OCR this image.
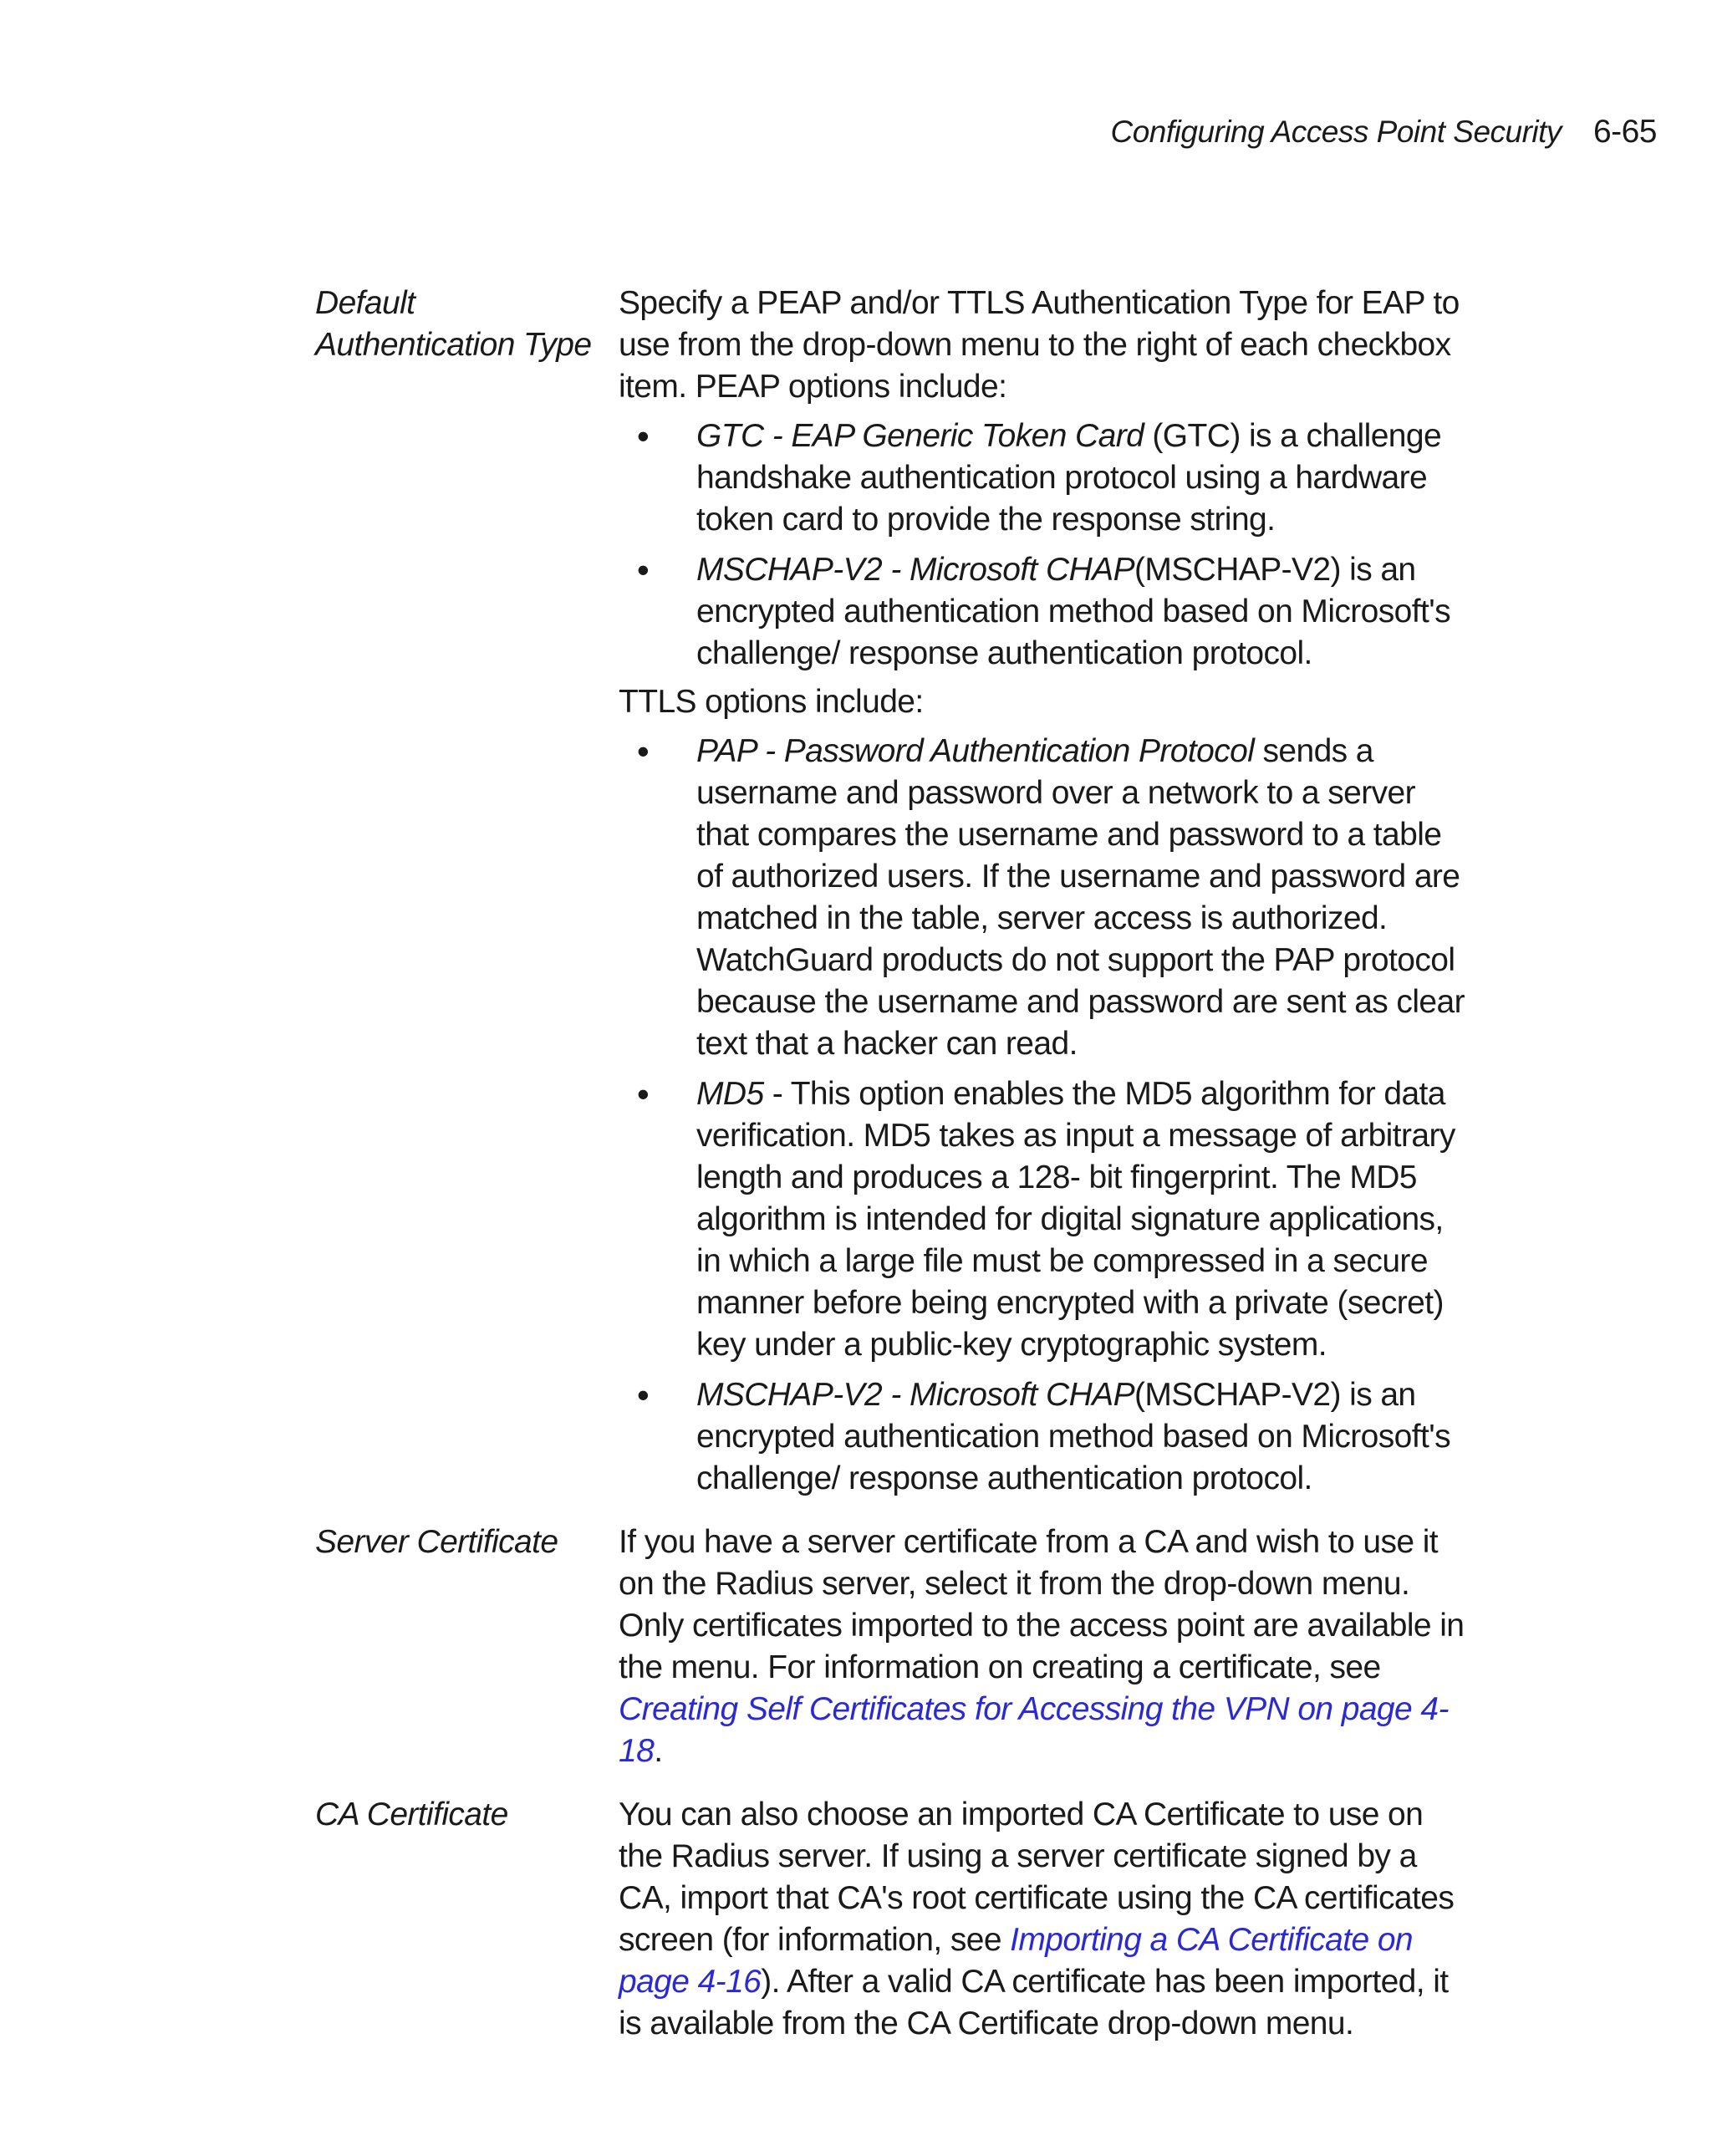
Configuring Access Point Security 6-65
Default
Authentication Type

Specify a PEAP and/or TTLS Authentication Type for EAP to use from the drop-down menu to the right of each checkbox item. PEAP options include:

• GTC - EAP Generic Token Card (GTC) is a challenge handshake authentication protocol using a hardware token card to provide the response string.
• MSCHAP-V2 - Microsoft CHAP(MSCHAP-V2) is an encrypted authentication method based on Microsoft's challenge/ response authentication protocol.

TTLS options include:

• PAP - Password Authentication Protocol sends a username and password over a network to a server that compares the username and password to a table of authorized users. If the username and password are matched in the table, server access is authorized. WatchGuard products do not support the PAP protocol because the username and password are sent as clear text that a hacker can read.
• MD5 - This option enables the MD5 algorithm for data verification. MD5 takes as input a message of arbitrary length and produces a 128- bit fingerprint. The MD5 algorithm is intended for digital signature applications, in which a large file must be compressed in a secure manner before being encrypted with a private (secret) key under a public-key cryptographic system.
• MSCHAP-V2 - Microsoft CHAP(MSCHAP-V2) is an encrypted authentication method based on Microsoft's challenge/ response authentication protocol.
Server Certificate	If you have a server certificate from a CA and wish to use it on the Radius server, select it from the drop-down menu. Only certificates imported to the access point are available in the menu. For information on creating a certificate, see Creating Self Certificates for Accessing the VPN on page 4-18.

CA Certificate	You can also choose an imported CA Certificate to use on the Radius server. If using a server certificate signed by a CA, import that CA's root certificate using the CA certificates screen (for information, see Importing a CA Certificate on page 4-16). After a valid CA certificate has been imported, it is available from the CA Certificate drop-down menu.
